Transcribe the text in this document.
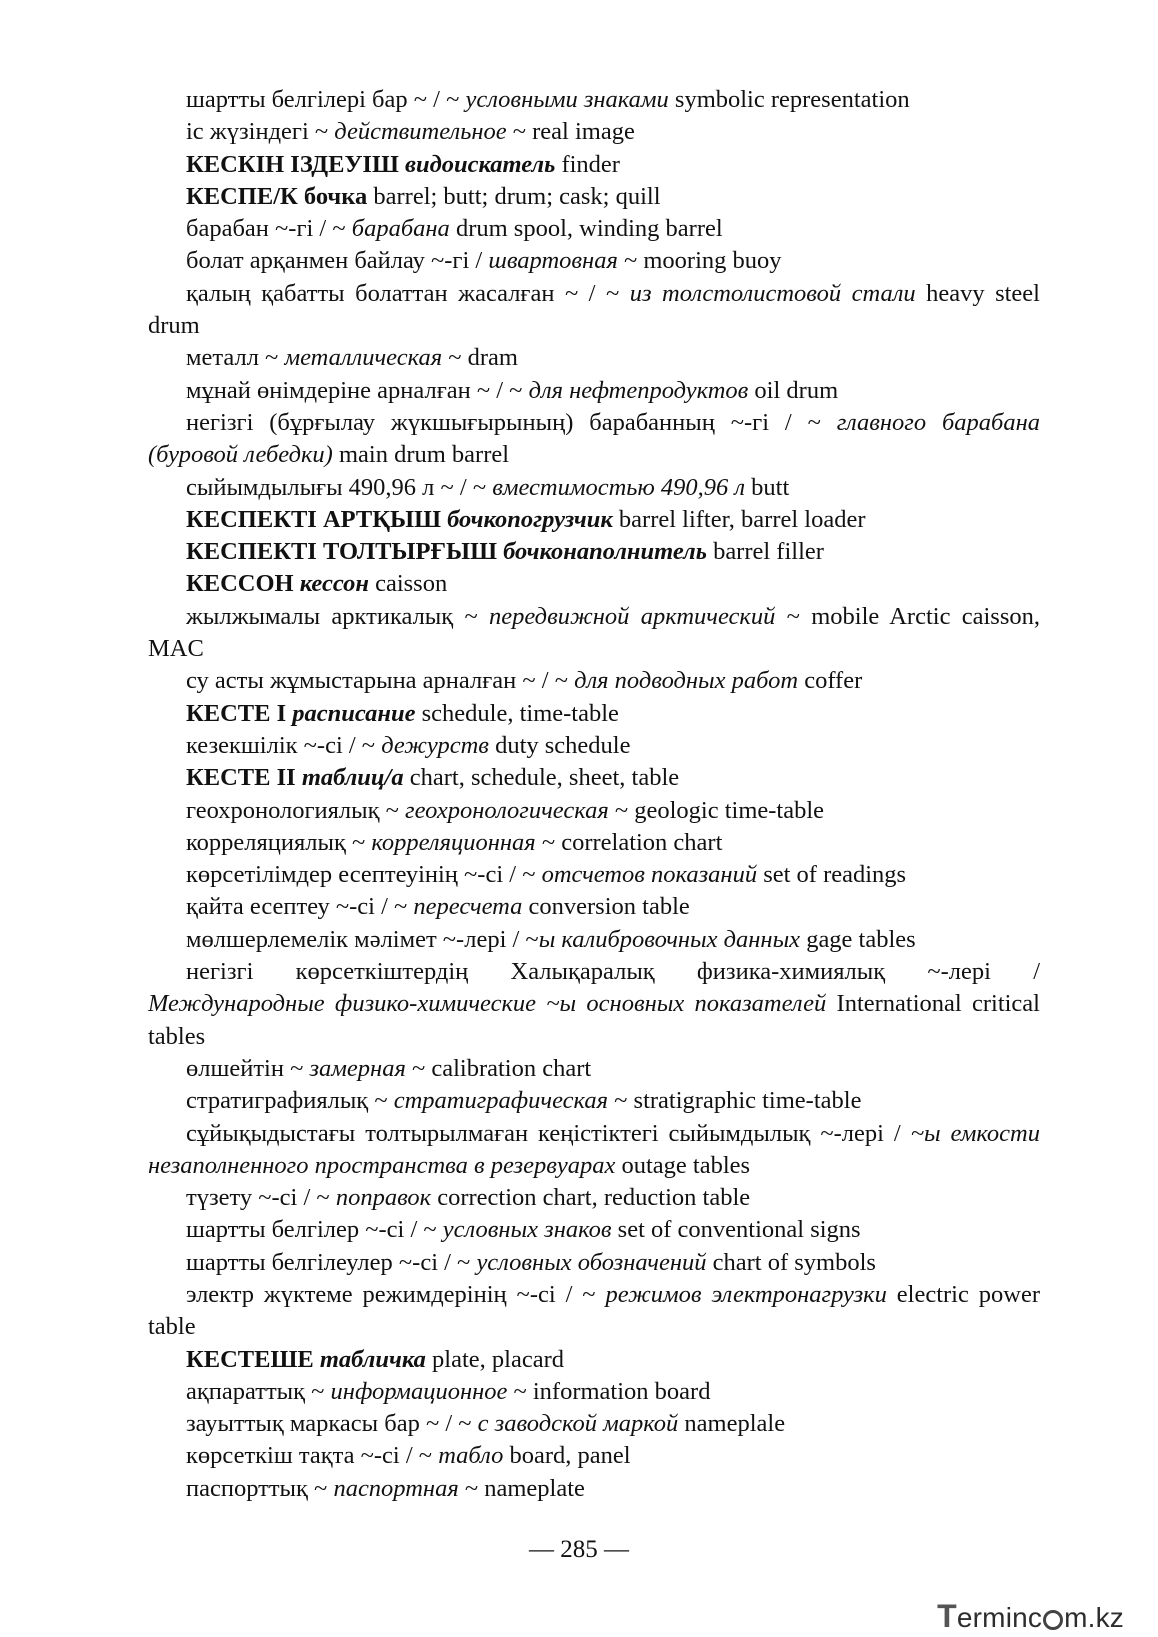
шартты белгілері бар ~ / ~ условными знаками symbolic representation

іс жүзіндегі ~ действительное ~ real image

КЕСКІН ІЗДЕУІШ видоискатель finder

КЕСПЕ/К бочка barrel; butt; drum; cask; quill

барабан ~-гі / ~ барабана drum spool, winding barrel

болат арқанмен байлау ~-гі / швартовная ~ mooring buoy

қалың қабатты болаттан жасалған ~ / ~ из толстолистовой стали heavy steel drum

металл ~ металлическая ~ dram

мұнай өнімдеріне арналған ~ / ~ для нефтепродуктов oil drum

негізгі (бұрғылау жүкшығырының) барабанның ~-гі / ~ главного барабана (буровой лебедки) main drum barrel

сыйымдылығы 490,96 л ~ / ~ вместимостью 490,96 л butt

КЕСПЕКТІ АРТҚЫШ бочкопогрузчик barrel lifter, barrel loader

КЕСПЕКТІ ТОЛТЫРҒЫШ бочконаполнитель barrel filler

КЕССОН кессон caisson

жылжымалы арктикалық ~ передвижной арктический ~ mobile Arctic caisson, MAC

су асты жұмыстарына арналған ~ / ~ для подводных работ coffer

КЕСТЕ I расписание schedule, time-table

кезекшілік ~-сі / ~ дежурств duty schedule

КЕСТЕ II таблиц/а chart, schedule, sheet, table

геохронологиялық ~ геохронологическая ~ geologic time-table

корреляциялық ~ корреляционная ~ correlation chart

көрсетілімдер есептеуінің ~-сі / ~ отсчетов показаний set of readings

қайта есептеу ~-сі / ~ пересчета conversion table

мөлшерлемелік мәлімет ~-лері / ~ы калибровочных данных gage tables

негізгі көрсеткіштердің Халықаралық физика-химиялық ~-лері / Международные физико-химические ~ы основных показателей International critical tables

өлшейтін ~ замерная ~ calibration chart

стратиграфиялық ~ стратиграфическая ~ stratigraphic time-table

сұйықыдыстағы толтырылмаған кеңістіктегі сыйымдылық ~-лері / ~ы емкости незаполненного пространства в резервуарах outage tables

түзету ~-сі / ~ поправок correction chart, reduction table

шартты белгілер ~-сі / ~ условных знаков set of conventional signs

шартты белгілеулер ~-сі / ~ условных обозначений chart of symbols

электр жүктеме режимдерінің ~-сі / ~ режимов электронагрузки electric power table

КЕСТЕШЕ табличка plate, placard

ақпараттық ~ информационное ~ information board

зауыттық маркасы бар ~ / ~ с заводской маркой nameplale

көрсеткіш тақта ~-сі / ~ табло board, panel

паспорттық ~ паспортная ~ nameplate

— 285 —
Terminc m.kz
